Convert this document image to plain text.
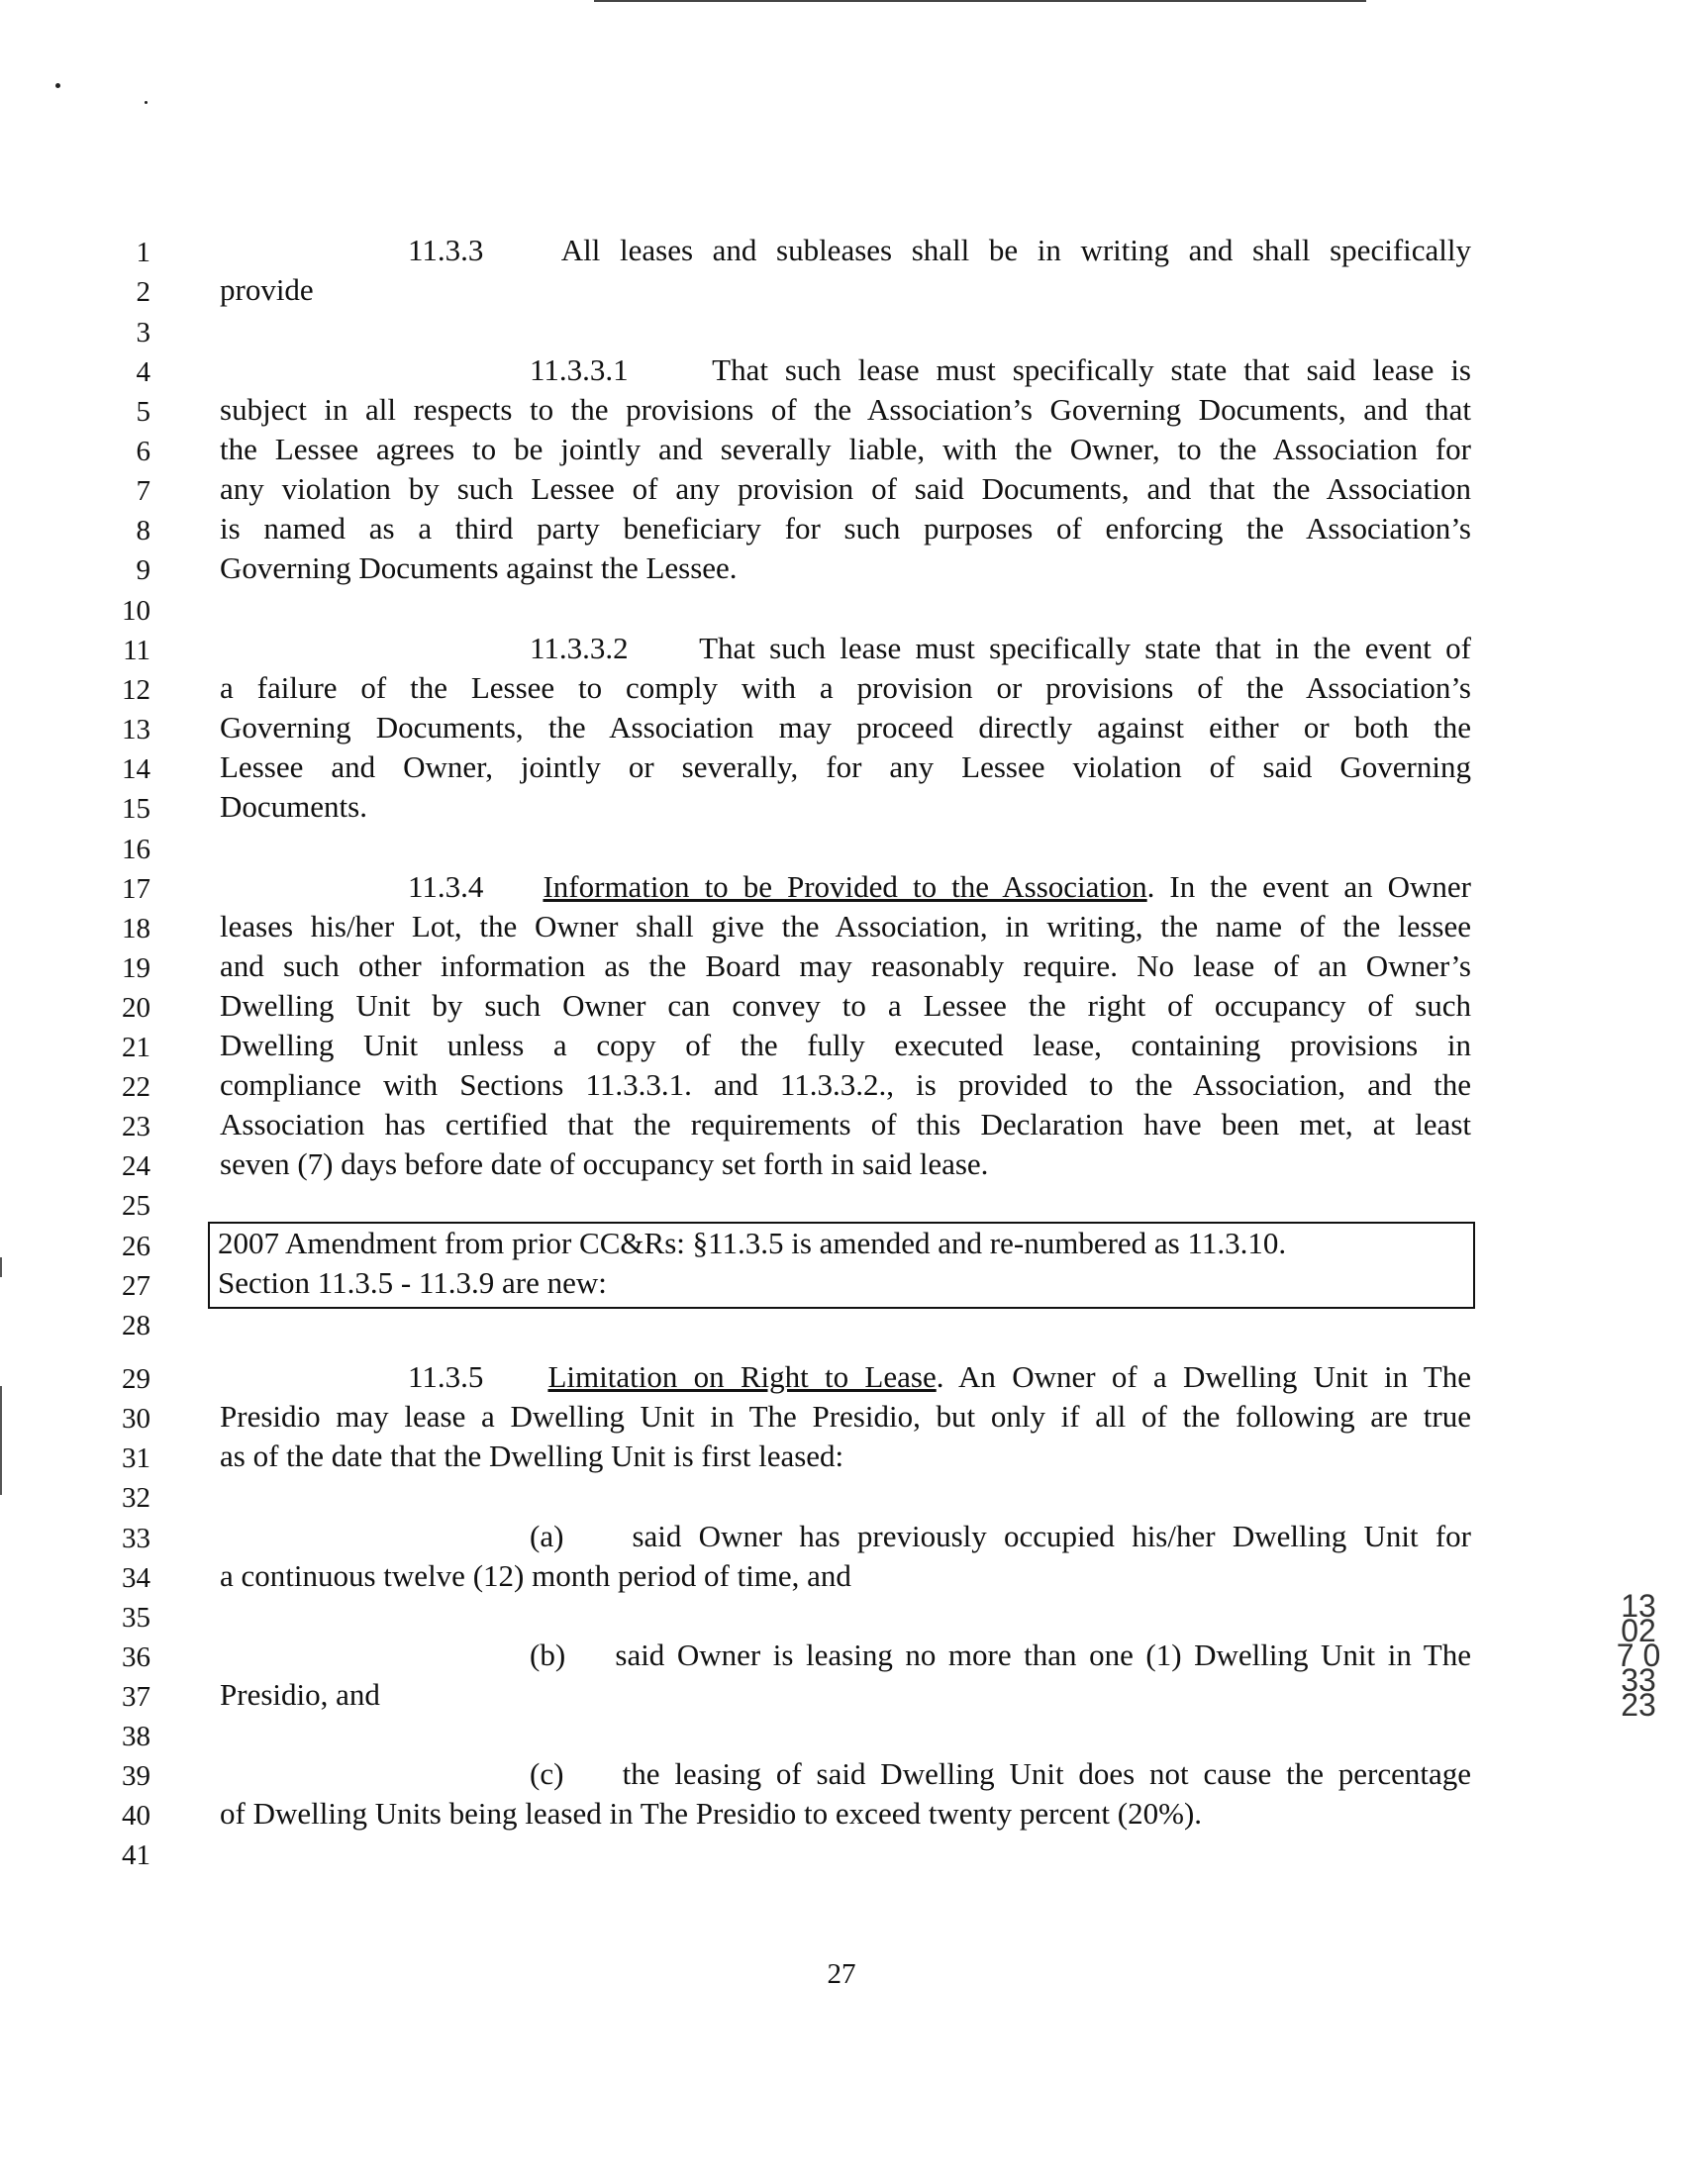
1
2
3
4
5
6
7
8
9
10
11
12
13
14
15
16
17
18
19
20
21
22
23
24
25
26
27
28
29
30
31
32
33
34
35
36
37
38
39
40
41
11.3.3	All leases and subleases shall be in writing and shall specifically
provide
11.3.3.1	That such lease must specifically state that said lease is
subject in all respects to the provisions of the Association’s Governing Documents, and that
the Lessee agrees to be jointly and severally liable, with the Owner, to the Association for
any violation by such Lessee of any provision of said Documents, and that the Association
is named as a third party beneficiary for such purposes of enforcing the Association’s
Governing Documents against the Lessee.
11.3.3.2 That such lease must specifically state that in the event of
a failure of the Lessee to comply with a provision or provisions of the Association’s
Governing Documents, the Association may proceed directly against either or both the
Lessee and Owner, jointly or severally, for any Lessee violation of said Governing
Documents.
11.3.4 Information to be Provided to the Association. In the event an Owner
leases his/her Lot, the Owner shall give the Association, in writing, the name of the lessee
and such other information as the Board may reasonably require. No lease of an Owner’s
Dwelling Unit by such Owner can convey to a Lessee the right of occupancy of such
Dwelling Unit unless a copy of the fully executed lease, containing provisions in
compliance with Sections 11.3.3.1. and 11.3.3.2., is provided to the Association, and the
Association has certified that the requirements of this Declaration have been met, at least
seven (7) days before date of occupancy set forth in said lease.
2007 Amendment from prior CC&Rs: §11.3.5 is amended and re-numbered as 11.3.10.
Section 11.3.5 - 11.3.9 are new:
11.3.5 Limitation on Right to Lease. An Owner of a Dwelling Unit in The
Presidio may lease a Dwelling Unit in The Presidio, but only if all of the following are true
as of the date that the Dwelling Unit is first leased:
(a) said Owner has previously occupied his/her Dwelling Unit for
a continuous twelve (12) month period of time, and
(b) said Owner is leasing no more than one (1) Dwelling Unit in The
Presidio, and
(c) the leasing of said Dwelling Unit does not cause the percentage
of Dwelling Units being leased in The Presidio to exceed twenty percent (20%).
27
13027 03323
